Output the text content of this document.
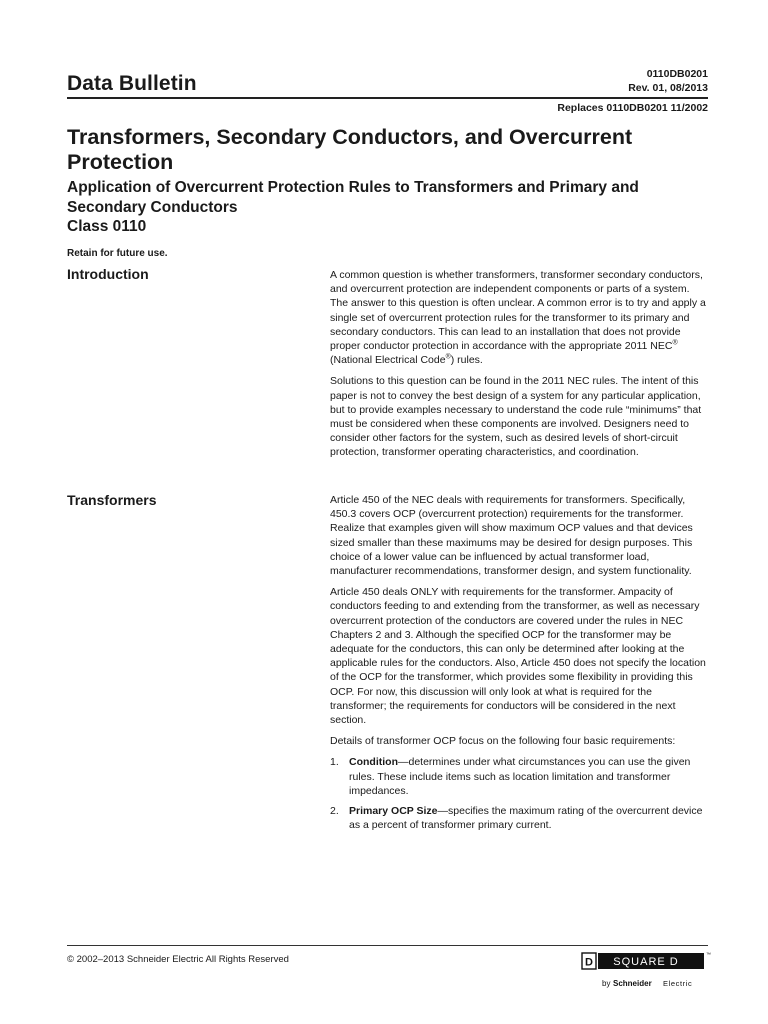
Data Bulletin	0110DB0201
Rev. 01, 08/2013
Replaces 0110DB0201 11/2002
Transformers, Secondary Conductors, and Overcurrent Protection
Application of Overcurrent Protection Rules to Transformers and Primary and Secondary Conductors
Class 0110
Retain for future use.
Introduction	A common question is whether transformers, transformer secondary conductors, and overcurrent protection are independent components or parts of a system. The answer to this question is often unclear. A common error is to try and apply a single set of overcurrent protection rules for the transformer to its primary and secondary conductors. This can lead to an installation that does not provide proper conductor protection in accordance with the appropriate 2011 NEC® (National Electrical Code®) rules.

Solutions to this question can be found in the 2011 NEC rules. The intent of this paper is not to convey the best design of a system for any particular application, but to provide examples necessary to understand the code rule “minimums” that must be considered when these components are involved. Designers need to consider other factors for the system, such as desired levels of short-circuit protection, transformer operating characteristics, and coordination.

Transformers	Article 450 of the NEC deals with requirements for transformers. Specifically, 450.3 covers OCP (overcurrent protection) requirements for the transformer. Realize that examples given will show maximum OCP values and that devices sized smaller than these maximums may be desired for design purposes. This choice of a lower value can be influenced by actual transformer load, manufacturer recommendations, transformer design, and system functionality.

Article 450 deals ONLY with requirements for the transformer. Ampacity of conductors feeding to and extending from the transformer, as well as necessary overcurrent protection of the conductors are covered under the rules in NEC Chapters 2 and 3. Although the specified OCP for the transformer may be adequate for the conductors, this can only be determined after looking at the applicable rules for the conductors. Also, Article 450 does not specify the location of the OCP for the transformer, which provides some flexibility in providing this OCP. For now, this discussion will only look at what is required for the transformer; the requirements for conductors will be considered in the next section.

Details of transformer OCP focus on the following four basic requirements:

1. Condition—determines under what circumstances you can use the given rules. These include items such as location limitation and transformer impedances.
2. Primary OCP Size—specifies the maximum rating of the overcurrent device as a percent of transformer primary current.
© 2002–2013 Schneider Electric All Rights Reserved	D SQUARE D
™
by Schneider Electric
